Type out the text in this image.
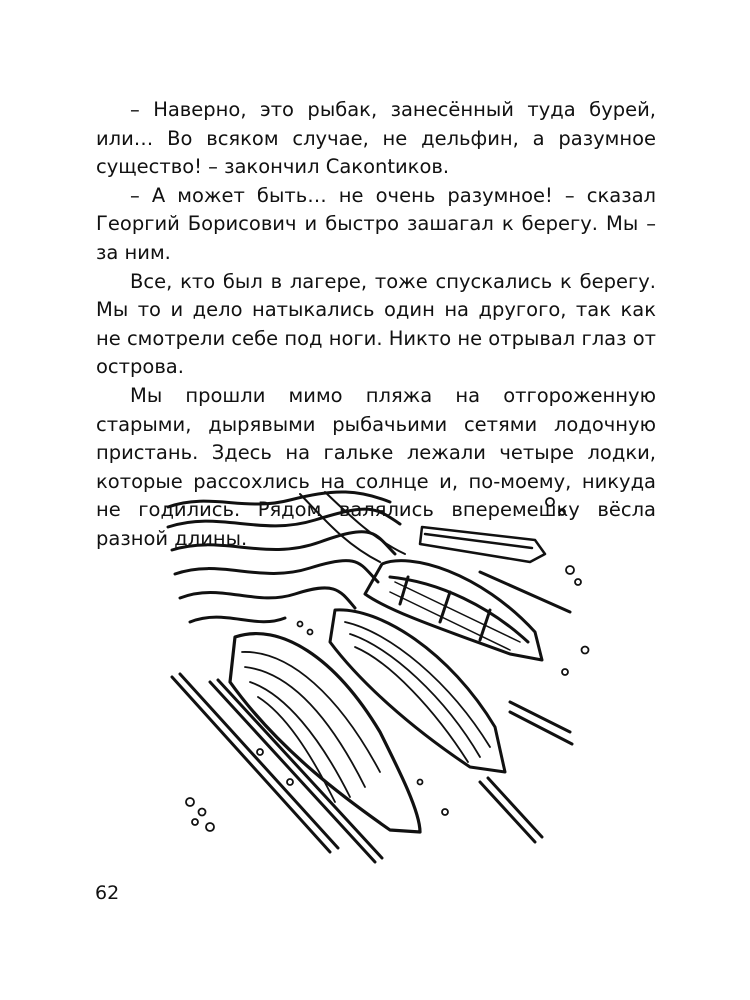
– Наверно, это рыбак, занесённый туда бурей, или… Во всяком случае, не дельфин, а разумное существо! – закончил Сакontиков.

– А может быть… не очень разумное! – сказал Георгий Борисович и быстро зашагал к берегу. Мы – за ним.

Все, кто был в лагере, тоже спускались к берегу. Мы то и дело натыкались один на другого, так как не смотрели себе под ноги. Никто не отрывал глаз от острова.

Мы прошли мимо пляжа на отгороженную старыми, дырявыми рыбачьими сетями лодочную пристань. Здесь на гальке лежали четыре лодки, которые рассохлись на солнце и, по-моему, никуда не годились. Рядом валялись вперемешку вёсла разной длины.

62
